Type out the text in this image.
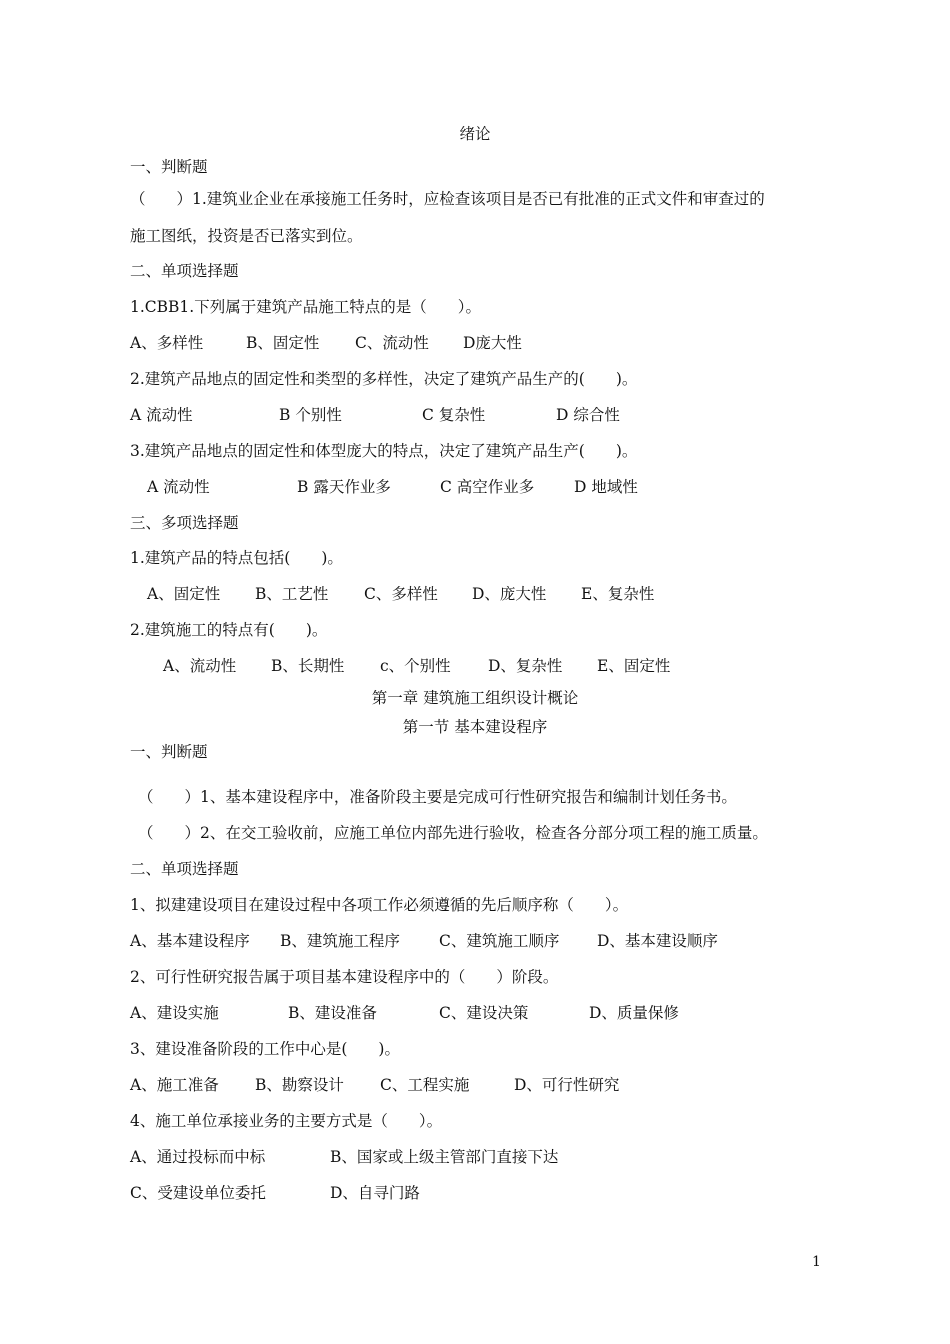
绪论
一、判断题
（　　）1.建筑业企业在承接施工任务时，应检查该项目是否已有批准的正式文件和审查过的
施工图纸，投资是否已落实到位。
二、单项选择题
1.CBB1.下列属于建筑产品施工特点的是（　　）。
A、多样性	B、固定性 C、流动性 D庞大性
2.建筑产品地点的固定性和类型的多样性，决定了建筑产品生产的(　　)。
A 流动性	B 个别性	C 复杂性	D 综合性
3.建筑产品地点的固定性和体型庞大的特点，决定了建筑产品生产(　　)。
A 流动性	B 露天作业多	C 高空作业多	D 地域性
三、多项选择题
1.建筑产品的特点包括(　　)。
A、固定性 B、工艺性 C、多样性 D、庞大性 E、复杂性
2.建筑施工的特点有(　　)。
A、流动性 B、长期性 c、个别性 D、复杂性 E、固定性
第一章 建筑施工组织设计概论
第一节 基本建设程序
一、判断题
（　　）1、基本建设程序中，准备阶段主要是完成可行性研究报告和编制计划任务书。
（　　）2、在交工验收前，应施工单位内部先进行验收，检查各分部分项工程的施工质量。
二、单项选择题
1、拟建建设项目在建设过程中各项工作必须遵循的先后顺序称（　　）。
A、基本建设程序 B、建筑施工程序	C、建筑施工顺序 D、基本建设顺序
2、可行性研究报告属于项目基本建设程序中的（　　）阶段。
A、建设实施	B、建设准备	C、建设决策	D、质量保修
3、建设准备阶段的工作中心是(　　)。
A、施工准备 B、勘察设计 C、工程实施	D、可行性研究
4、施工单位承接业务的主要方式是（　　）。
A、通过投标而中标	B、国家或上级主管部门直接下达
C、受建设单位委托	D、自寻门路
1
